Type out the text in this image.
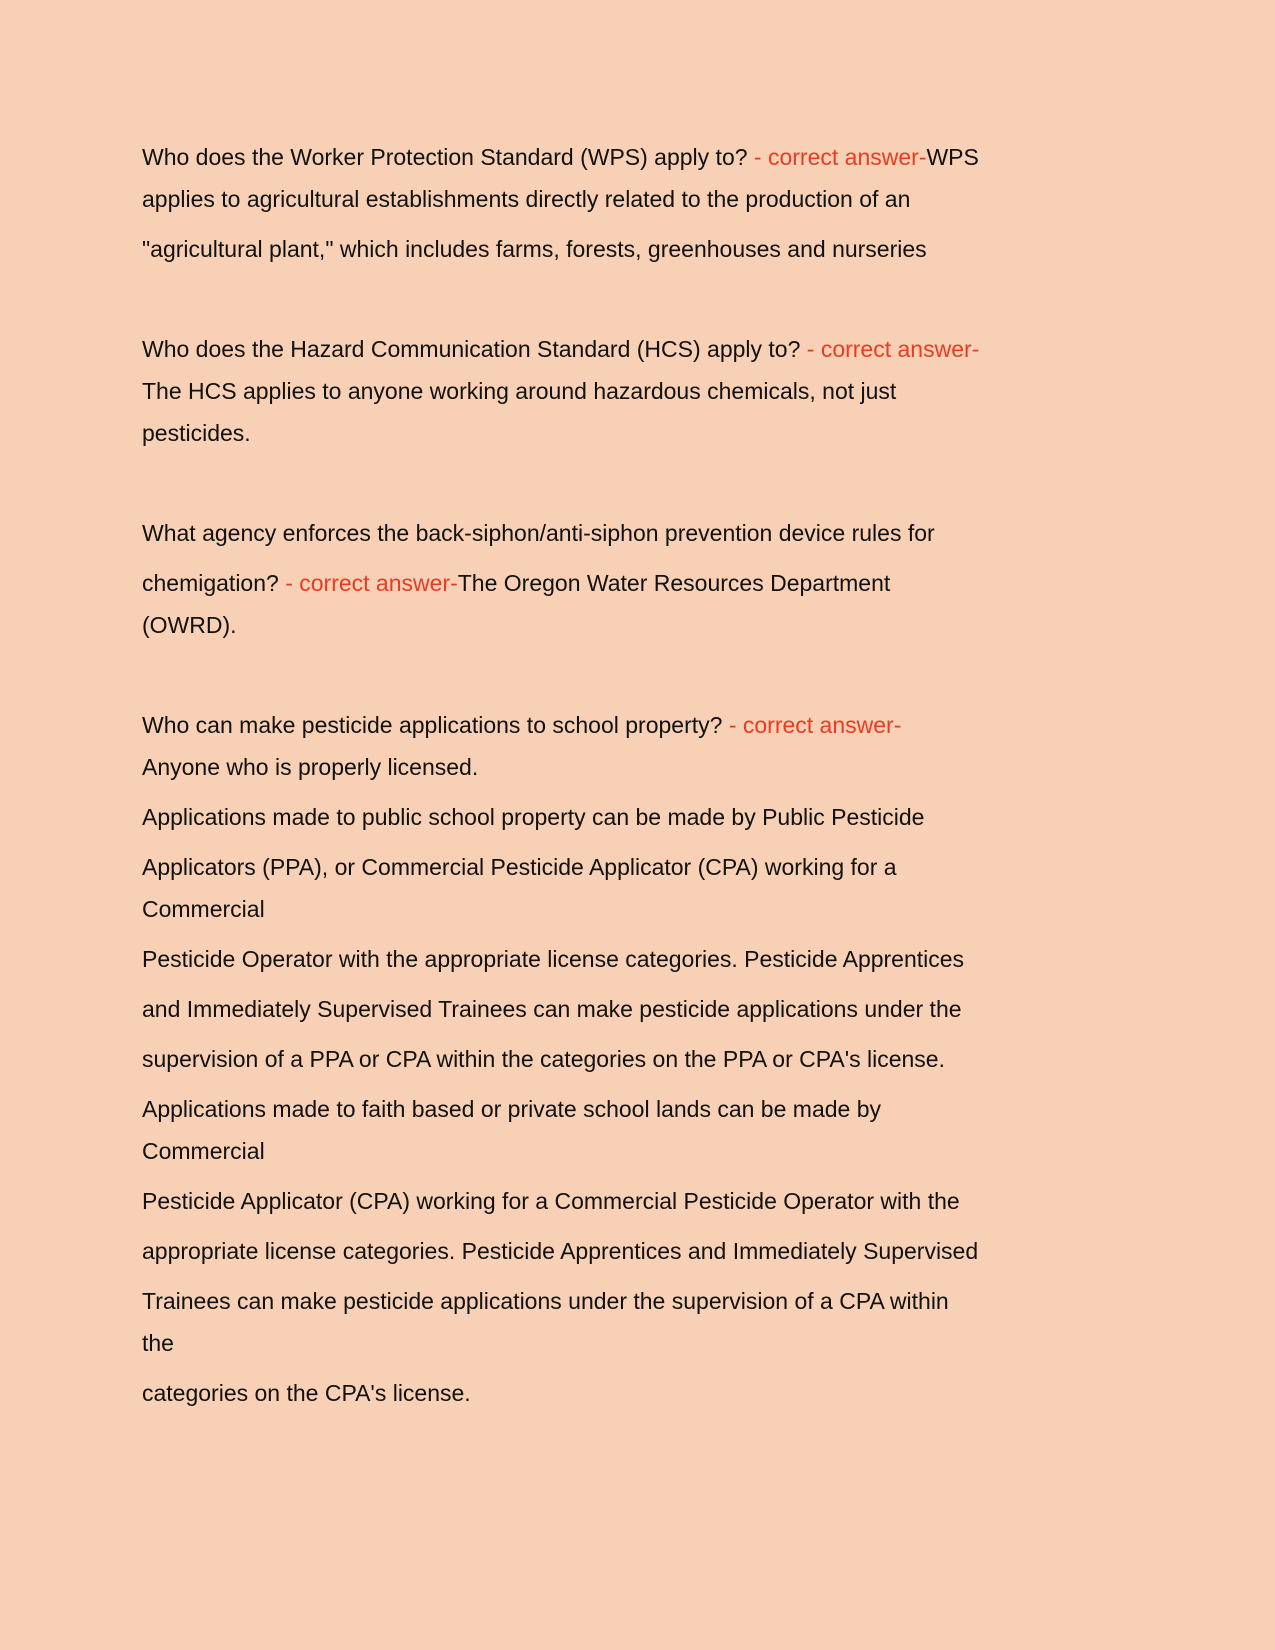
Who does the Worker Protection Standard (WPS) apply to? - correct answer-WPS
applies to agricultural establishments directly related to the production of an
"agricultural plant," which includes farms, forests, greenhouses and nurseries
Who does the Hazard Communication Standard (HCS) apply to? - correct answer-
The HCS applies to anyone working around hazardous chemicals, not just
pesticides.
What agency enforces the back-siphon/anti-siphon prevention device rules for
chemigation? - correct answer-The Oregon Water Resources Department
(OWRD).
Who can make pesticide applications to school property? - correct answer-
Anyone who is properly licensed.
Applications made to public school property can be made by Public Pesticide
Applicators (PPA), or Commercial Pesticide Applicator (CPA) working for a
Commercial
Pesticide Operator with the appropriate license categories. Pesticide Apprentices
and Immediately Supervised Trainees can make pesticide applications under the
supervision of a PPA or CPA within the categories on the PPA or CPA's license.
Applications made to faith based or private school lands can be made by
Commercial
Pesticide Applicator (CPA) working for a Commercial Pesticide Operator with the
appropriate license categories. Pesticide Apprentices and Immediately Supervised
Trainees can make pesticide applications under the supervision of a CPA within
the
categories on the CPA's license.
